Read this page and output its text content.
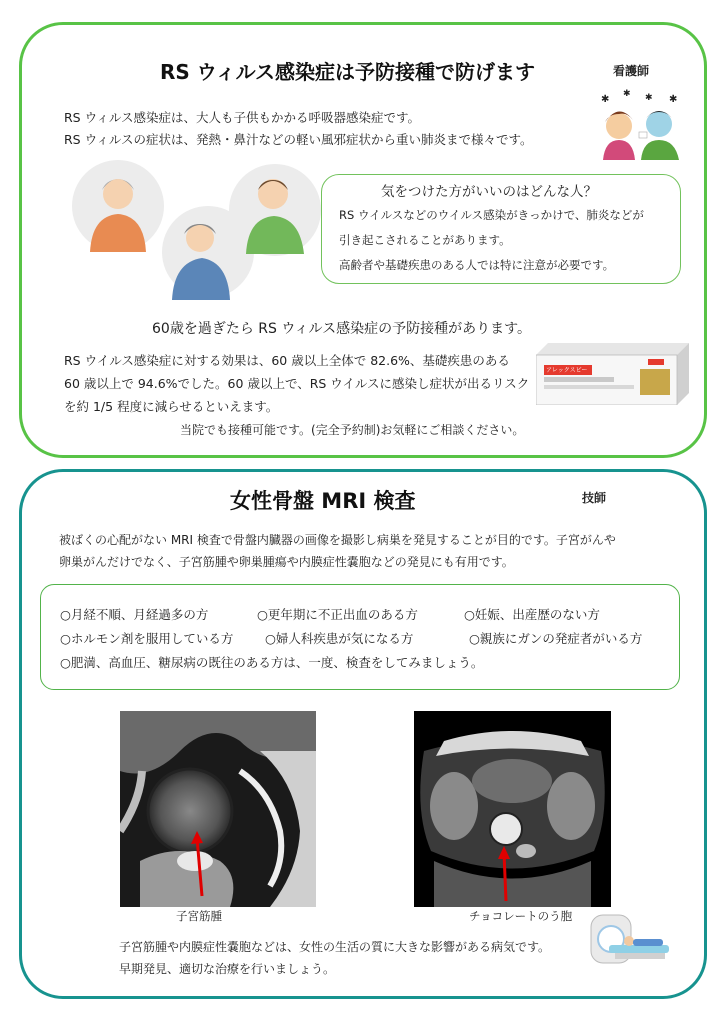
RS ウィルス感染症は予防接種で防げます	看護師
✱ ✱ ✱ ✱
RS ウィルス感染症は、大人も子供もかかる呼吸器感染症です。
RS ウィルスの症状は、発熱・鼻汁などの軽い風邪症状から重い肺炎まで様々です。
気をつけた方がいいのはどんな人？
RS ウイルスなどのウイルス感染がきっかけで、肺炎などが
引き起こされることがあります。
高齢者や基礎疾患のある人では特に注意が必要です。
60歳を過ぎたら RS ウィルス感染症の予防接種があります。
RS ウイルス感染症に対する効果は、60 歳以上全体で 82.6%、基礎疾患のある
60 歳以上で 94.6%でした。60 歳以上で、RS ウイルスに感染し症状が出るリスク
を約 1/5 程度に減らせるといえます。
アレックスビー
当院でも接種可能です。(完全予約制)お気軽にご相談ください。
女性骨盤 MRI 検査	技師
被ばくの心配がない MRI 検査で骨盤内臓器の画像を撮影し病巣を発見することが目的です。子宮がんや
卵巣がんだけでなく、子宮筋腫や卵巣腫瘍や内膜症性嚢胞などの発見にも有用です。
○月経不順、月経過多の方	○更年期に不正出血のある方	○妊娠、出産歴のない方
○ホルモン剤を服用している方	○婦人科疾患が気になる方	○親族にガンの発症者がいる方
○肥満、高血圧、糖尿病の既往のある方は、一度、検査をしてみましょう。
子宮筋腫	チョコレートのう胞
子宮筋腫や内膜症性嚢胞などは、女性の生活の質に大きな影響がある病気です。
早期発見、適切な治療を行いましょう。
